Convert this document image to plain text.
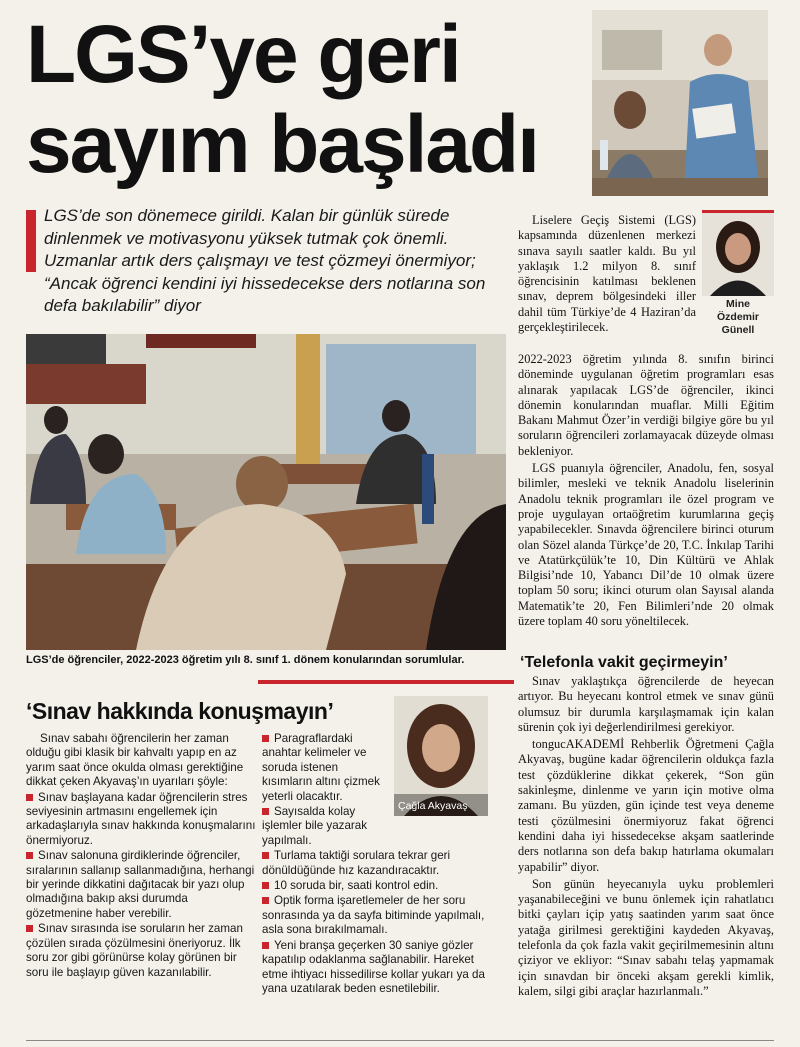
LGS’ye geri
sayım başladı
LGS’de son dönemece girildi. Kalan bir günlük sürede dinlenmek ve motivasyonu yüksek tutmak çok önemli. Uzmanlar artık ders çalışmayı ve test çözmeyi önermiyor; “Ancak öğrenci kendini iyi hissedecekse ders notlarına son defa bakılabilir” diyor

Liselere Geçiş Sistemi (LGS) kapsamında düzenlenen merkezi sınava sayılı saatler kaldı. Bu yıl yaklaşık 1.2 milyon 8. sınıf öğrencisinin katılması beklenen sınav, deprem bölgesindeki iller dahil tüm Türkiye’de 4 Haziran’da gerçekleştirilecek.

2022-2023 öğretim yılında 8. sınıfın birinci döneminde uygulanan öğretim programları esas alınarak yapılacak LGS’de öğrenciler, ikinci dönemin konularından muaflar. Milli Eğitim Bakanı Mahmut Özer’in verdiği bilgiye göre bu yıl soruların öğrencileri zorlamayacak düzeyde olması bekleniyor.

LGS puanıyla öğrenciler, Anadolu, fen, sosyal bilimler, mesleki ve teknik Anadolu liselerinin Anadolu teknik programları ile özel program ve proje uygulayan ortaöğretim kurumlarına geçiş yapabilecekler. Sınavda öğrencilere birinci oturum olan Sözel alanda Türkçe’de 20, T.C. İnkılap Tarihi ve Atatürkçülük’te 10, Din Kültürü ve Ahlak Bilgisi’nde 10, Yabancı Dil’de 10 olmak üzere toplam 50 soru; ikinci oturum olan Sayısal alanda Matematik’te 20, Fen Bilimleri’nde 20 olmak üzere toplam 40 soru yöneltilecek.

Mine
Özdemir
Günell
LGS’de öğrenciler, 2022-2023 öğretim yılı 8. sınıf 1. dönem konularından sorumlular.
‘Sınav hakkında konuşmayın’
‘Telefonla vakit geçirmeyin’

Sınav sabahı öğrencilerin her zaman olduğu gibi klasik bir kahvaltı yapıp en az yarım saat önce okulda olması gerektiğine dikkat çeken Akyavaş’ın uyarıları şöyle:

Sınav başlayana kadar öğrencilerin stres seviyesinin artmasını engellemek için arkadaşlarıyla sınav hakkında konuşmalarını önermiyoruz.

Sınav salonuna girdiklerinde öğrenciler, sıralarının sallanıp sallanmadığına, herhangi bir yerinde dikkatini dağıtacak bir yazı olup olmadığına bakıp aksi durumda gözetmenine haber verebilir.

Sınav sırasında ise soruların her zaman çözülen sırada çözülmesini öneriyoruz. İlk soru zor gibi görünürse kolay görünen bir soru ile başlayıp güven kazanılabilir.

Paragraflardaki anahtar kelimeler ve soruda istenen kısımların altını çizmek yeterli olacaktır.

Sayısalda kolay işlemler bile yazarak yapılmalı.

Turlama taktiği sorulara tekrar geri dönüldüğünde hız kazandıracaktır.

10 soruda bir, saati kontrol edin.

Optik forma işaretlemeler de her soru sonrasında ya da sayfa bitiminde yapılmalı, asla sona bırakılmamalı.

Yeni branşa geçerken 30 saniye gözler kapatılıp odaklanma sağlanabilir. Hareket etme ihtiyacı hissedilirse kollar yukarı ya da yana uzatılarak beden esnetilebilir.

Çağla Akyavaş

Sınav yaklaştıkça öğrencilerde de heyecan artıyor. Bu heyecanı kontrol etmek ve sınav günü olumsuz bir durumla karşılaşmamak için kalan sürenin çok iyi değerlendirilmesi gerekiyor.

tongucAKADEMİ Rehberlik Öğretmeni Çağla Akyavaş, bugüne kadar öğrencilerin oldukça fazla test çözdüklerine dikkat çekerek, “Son gün sakinleşme, dinlenme ve yarın için motive olma zamanı. Bu yüzden, gün içinde test veya deneme testi çözülmesini önermiyoruz fakat öğrenci kendini daha iyi hissedecekse akşam saatlerinde ders notlarına son defa bakıp hatırlama okumaları yapabilir” diyor.

Son günün heyecanıyla uyku problemleri yaşanabileceğini ve bunu önlemek için rahatlatıcı bitki çayları içip yatış saatinden yarım saat önce yatağa girilmesi gerektiğini kaydeden Akyavaş, telefonla da çok fazla vakit geçirilmemesinin altını çiziyor ve ekliyor: “Sınav sabahı telaş yapmamak için sınavdan bir önceki akşam gerekli kimlik, kalem, silgi gibi araçlar hazırlanmalı.”
